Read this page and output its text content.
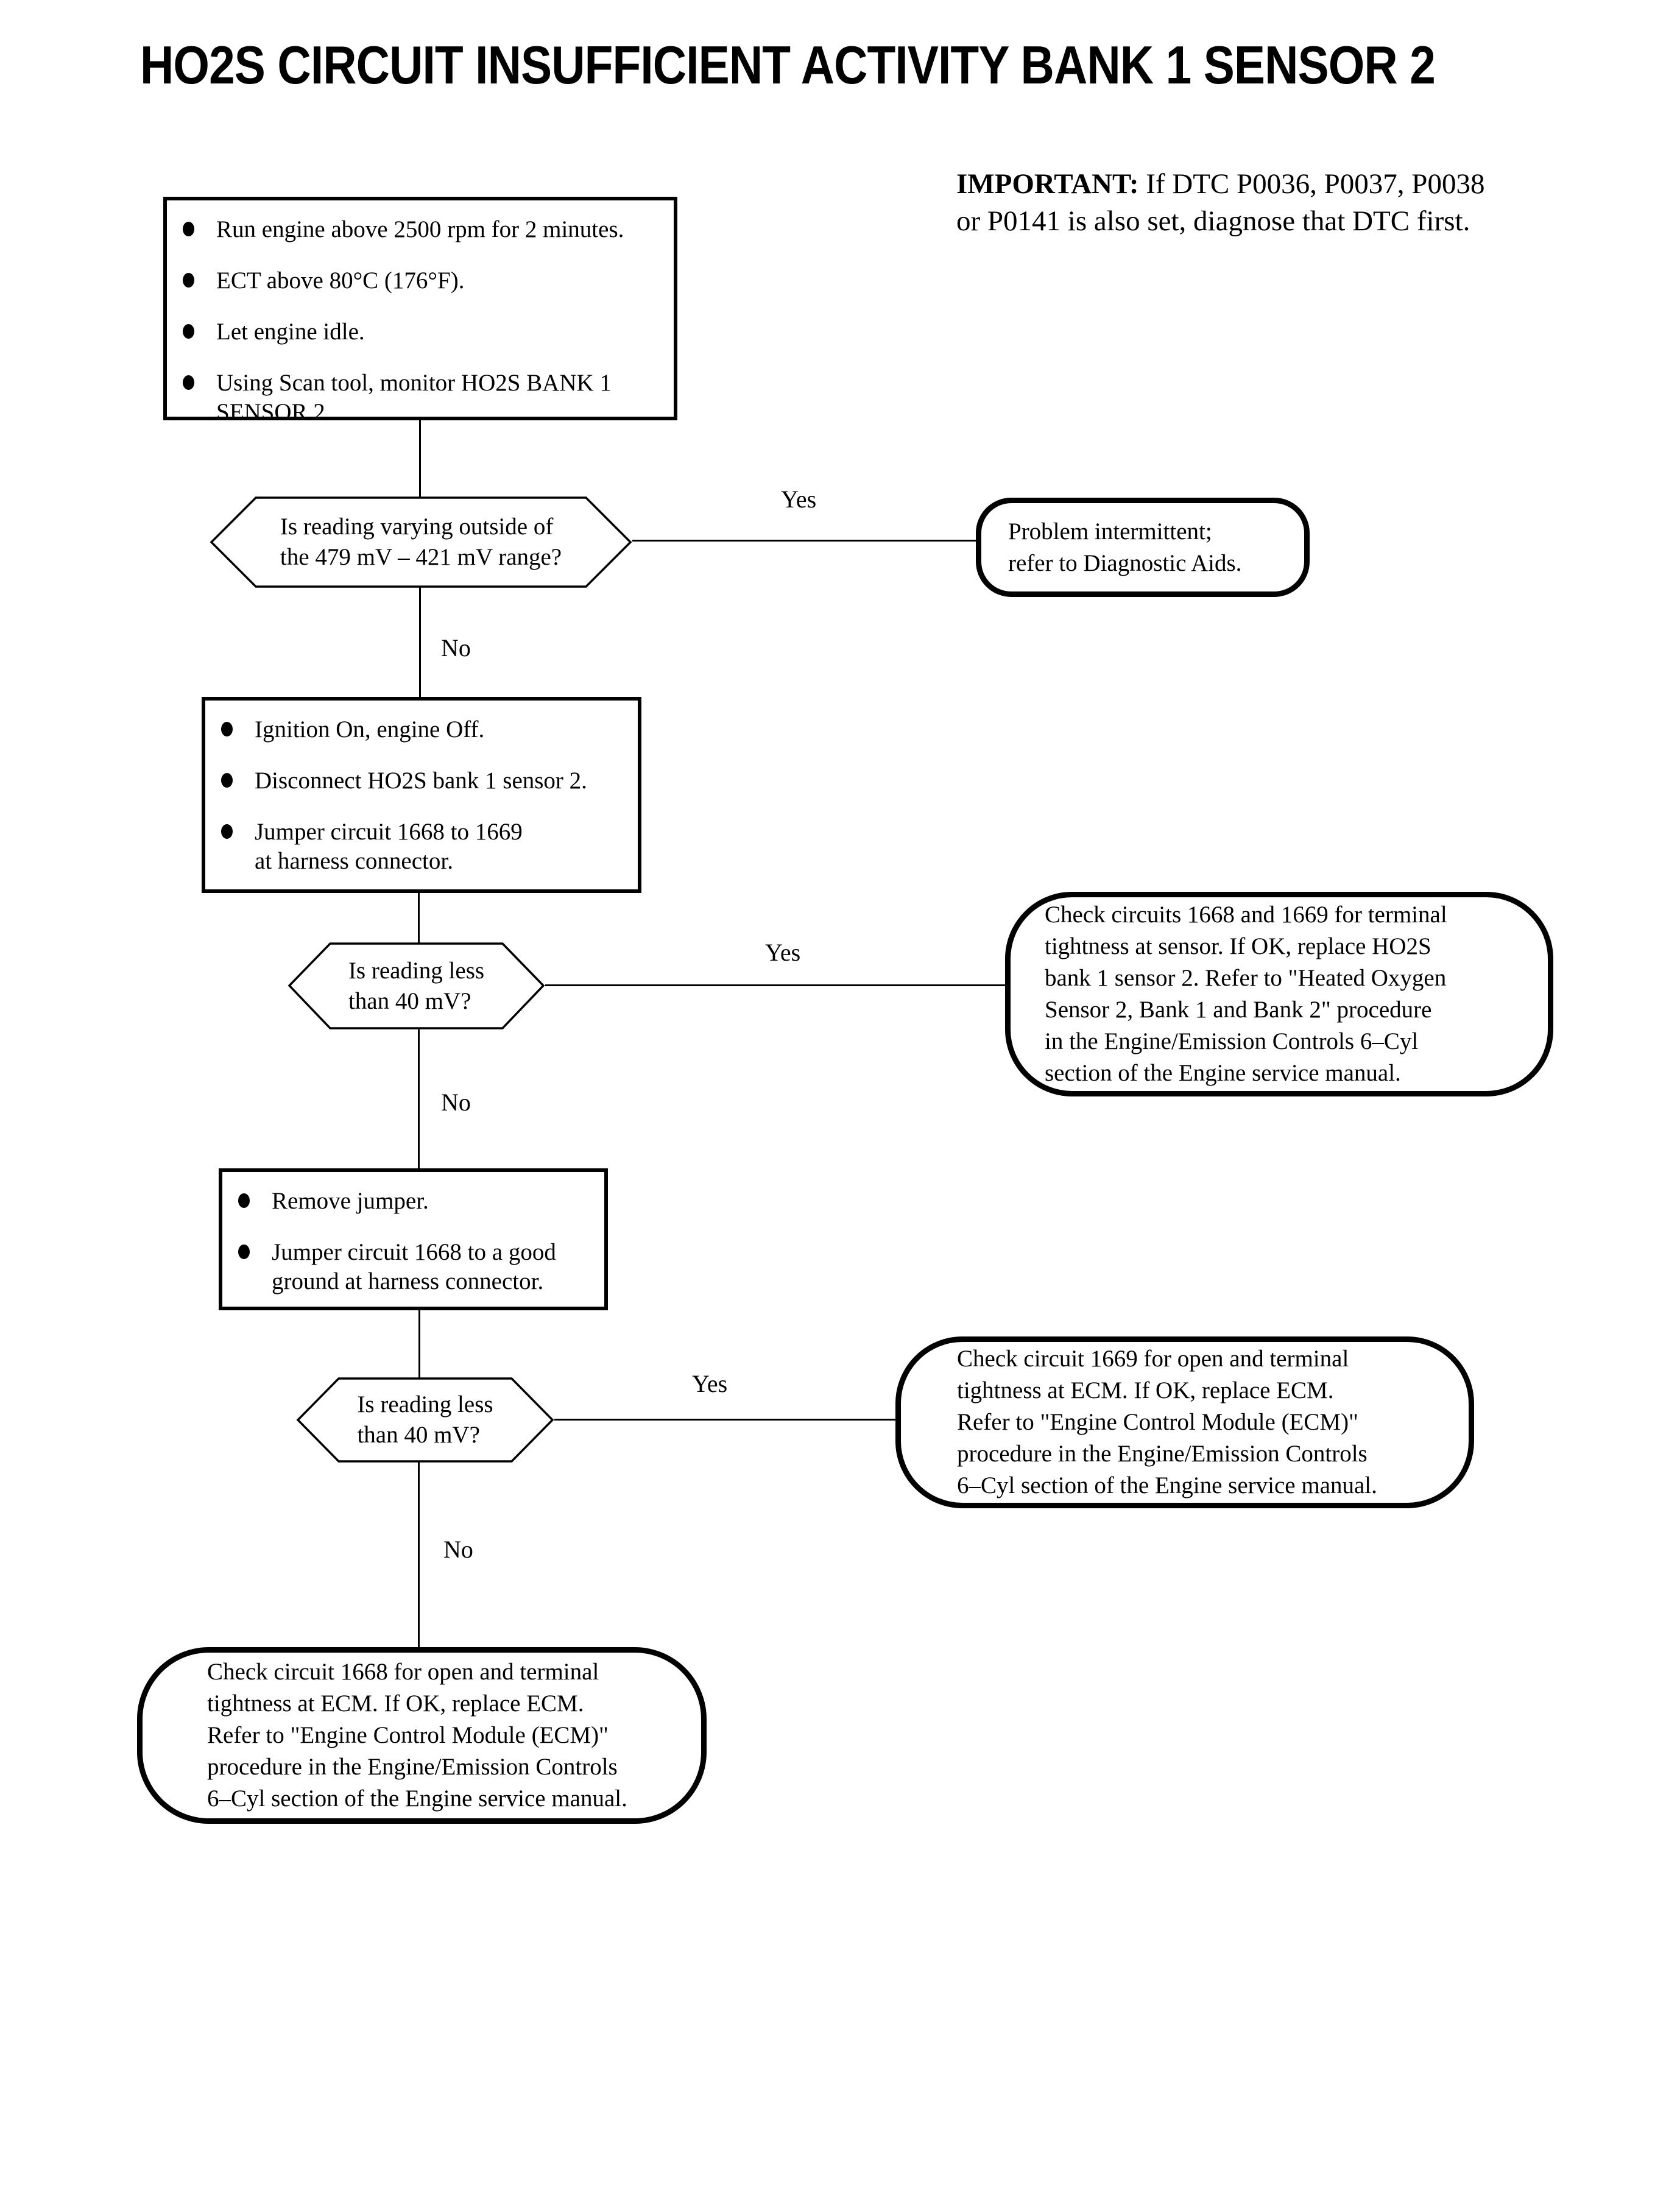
HO2S CIRCUIT INSUFFICIENT ACTIVITY BANK 1 SENSOR 2
IMPORTANT: If DTC P0036, P0037, P0038
or P0141 is also set, diagnose that DTC first.
Run engine above 2500 rpm for 2 minutes.
ECT above 80°C (176°F).
Let engine idle.
Using Scan tool, monitor HO2S BANK 1
SENSOR 2.
Is reading varying outside of
the 479 mV – 421 mV range?
Yes
Problem intermittent;
refer to Diagnostic Aids.
No
Ignition On, engine Off.
Disconnect HO2S bank 1 sensor 2.
Jumper circuit 1668 to 1669
at harness connector.
Is reading less
than 40 mV?
Yes
Check circuits 1668 and 1669 for terminal
tightness at sensor. If OK, replace HO2S
bank 1 sensor 2. Refer to "Heated Oxygen
Sensor 2, Bank 1 and Bank 2" procedure
in the Engine/Emission Controls 6–Cyl
section of the Engine service manual.
No
Remove jumper.
Jumper circuit 1668 to a good
ground at harness connector.
Is reading less
than 40 mV?
Yes
Check circuit 1669 for open and terminal
tightness at ECM. If OK, replace ECM.
Refer to "Engine Control Module (ECM)"
procedure in the Engine/Emission Controls
6–Cyl section of the Engine service manual.
No
Check circuit 1668 for open and terminal
tightness at ECM. If OK, replace ECM.
Refer to "Engine Control Module (ECM)"
procedure in the Engine/Emission Controls
6–Cyl section of the Engine service manual.
